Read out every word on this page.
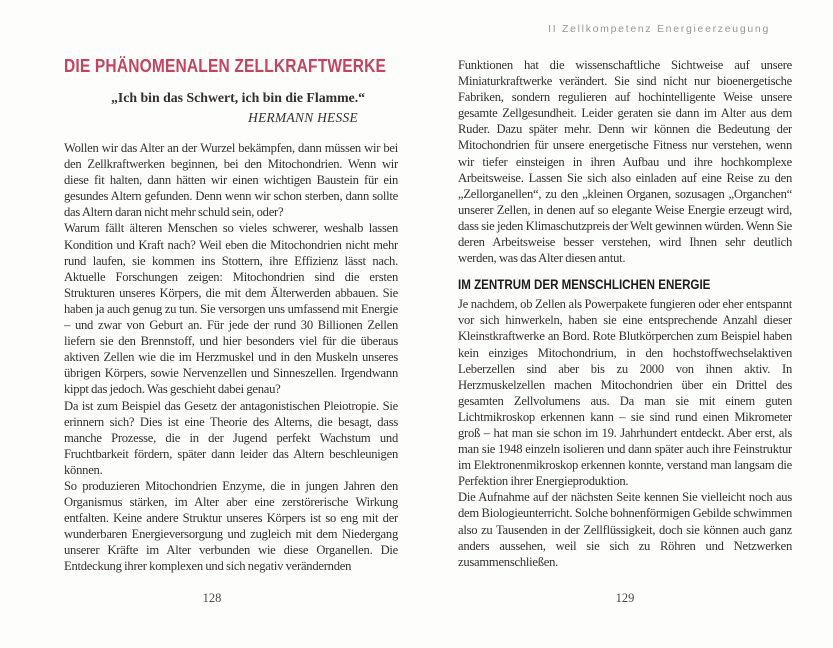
II Zellkompetenz Energieerzeugung
DIE PHÄNOMENALEN ZELLKRAFTWERKE
„Ich bin das Schwert, ich bin die Flamme.“
HERMANN HESSE

Wollen wir das Alter an der Wurzel bekämpfen, dann müssen wir bei den Zellkraftwerken beginnen, bei den Mitochondrien. Wenn wir diese fit halten, dann hätten wir einen wichtigen Baustein für ein gesundes Altern gefunden. Denn wenn wir schon sterben, dann sollte das Altern daran nicht mehr schuld sein, oder?

Warum fällt älteren Menschen so vieles schwerer, weshalb lassen Kondition und Kraft nach? Weil eben die Mitochondrien nicht mehr rund laufen, sie kommen ins Stottern, ihre Effizienz lässt nach. Aktuelle Forschungen zeigen: Mitochondrien sind die ersten Strukturen unseres Körpers, die mit dem Älterwerden abbauen. Sie haben ja auch genug zu tun. Sie versorgen uns umfassend mit Energie – und zwar von Geburt an. Für jede der rund 30 Billionen Zellen liefern sie den Brennstoff, und hier besonders viel für die überaus aktiven Zellen wie die im Herzmuskel und in den Muskeln unseres übrigen Körpers, sowie Nervenzellen und Sinneszellen. Irgendwann kippt das jedoch. Was geschieht dabei genau?

Da ist zum Beispiel das Gesetz der antagonistischen Pleiotropie. Sie erinnern sich? Dies ist eine Theorie des Alterns, die besagt, dass manche Prozesse, die in der Jugend perfekt Wachstum und Fruchtbarkeit fördern, später dann leider das Altern beschleunigen können.

So produzieren Mitochondrien Enzyme, die in jungen Jahren den Organismus stärken, im Alter aber eine zerstörerische Wirkung entfalten. Keine andere Struktur unseres Körpers ist so eng mit der wunderbaren Energieversorgung und zugleich mit dem Niedergang unserer Kräfte im Alter verbunden wie diese Organellen. Die Entdeckung ihrer komplexen und sich negativ verändernden

128

Funktionen hat die wissenschaftliche Sichtweise auf unsere Miniaturkraftwerke verändert. Sie sind nicht nur bioenergetische Fabriken, sondern regulieren auf hochintelligente Weise unsere gesamte Zellgesundheit. Leider geraten sie dann im Alter aus dem Ruder. Dazu später mehr. Denn wir können die Bedeutung der Mitochondrien für unsere energetische Fitness nur verstehen, wenn wir tiefer einsteigen in ihren Aufbau und ihre hochkomplexe Arbeitsweise. Lassen Sie sich also einladen auf eine Reise zu den „Zellorganellen“, zu den „kleinen Organen, sozusagen „Organchen“ unserer Zellen, in denen auf so elegante Weise Energie erzeugt wird, dass sie jeden Klimaschutzpreis der Welt gewinnen würden. Wenn Sie deren Arbeitsweise besser verstehen, wird Ihnen sehr deutlich werden, was das Alter diesen antut.

IM ZENTRUM DER MENSCHLICHEN ENERGIE

Je nachdem, ob Zellen als Powerpakete fungieren oder eher entspannt vor sich hinwerkeln, haben sie eine entsprechende Anzahl dieser Kleinstkraftwerke an Bord. Rote Blutkörperchen zum Beispiel haben kein einziges Mitochondrium, in den hochstoffwechselaktiven Leberzellen sind aber bis zu 2000 von ihnen aktiv. In Herzmuskelzellen machen Mitochondrien über ein Drittel des gesamten Zellvolumens aus. Da man sie mit einem guten Lichtmikroskop erkennen kann – sie sind rund einen Mikrometer groß – hat man sie schon im 19. Jahrhundert entdeckt. Aber erst, als man sie 1948 einzeln isolieren und dann später auch ihre Feinstruktur im Elektronenmikroskop erkennen konnte, verstand man langsam die Perfektion ihrer Energieproduktion.

Die Aufnahme auf der nächsten Seite kennen Sie vielleicht noch aus dem Biologieunterricht. Solche bohnenförmigen Gebilde schwimmen also zu Tausenden in der Zellflüssigkeit, doch sie können auch ganz anders aussehen, weil sie sich zu Röhren und Netzwerken zusammenschließen.

129
